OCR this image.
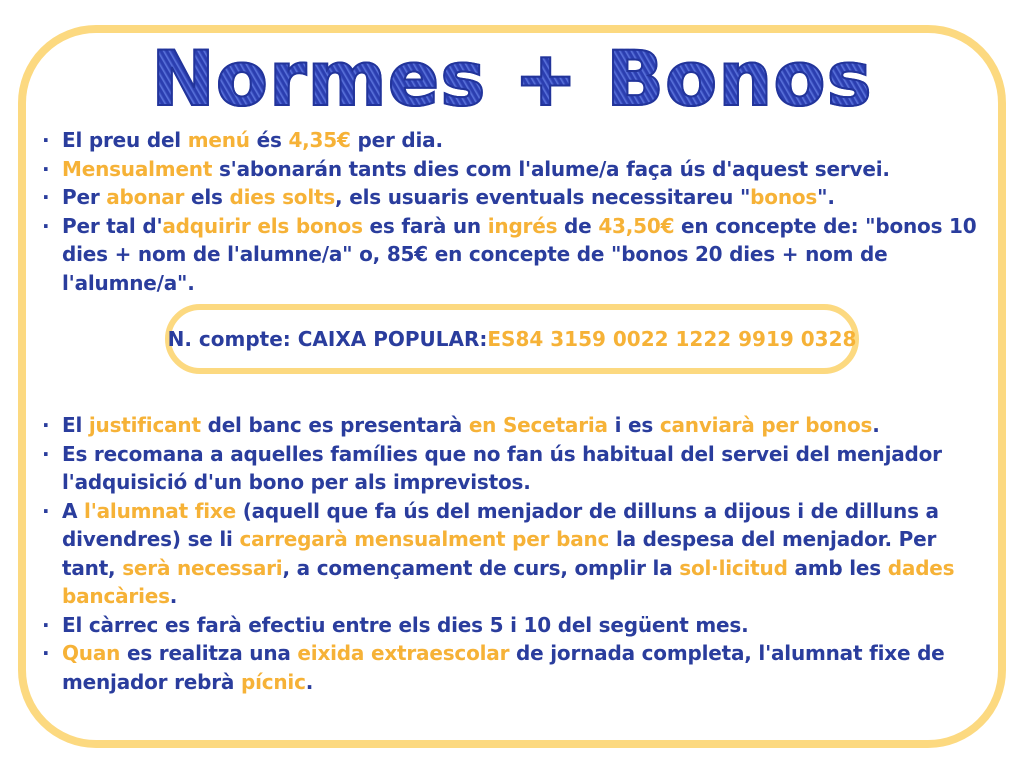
Normes + Bonos
· El preu del menú és 4,35€ per dia.
· Mensualment s'abonarán tants dies com l'alume/a faça ús d'aquest servei.
· Per abonar els dies solts, els usuaris eventuals necessitareu "bonos".
· Per tal d'adquirir els bonos es farà un ingrés de 43,50€ en concepte de: "bonos 10 dies + nom de l'alumne/a" o, 85€ en concepte de "bonos 20 dies + nom de l'alumne/a".
N. compte: CAIXA POPULAR: ES84 3159 0022 1222 9919 0328
· El justificant del banc es presentarà en Secetaria i es canviarà per bonos.
· Es recomana a aquelles famílies que no fan ús habitual del servei del menjador l'adquisició d'un bono per als imprevistos.
· A l'alumnat fixe (aquell que fa ús del menjador de dilluns a dijous i de dilluns a divendres) se li carregarà mensualment per banc la despesa del menjador. Per tant, serà necessari, a començament de curs, omplir la sol·licitud amb les dades bancàries.
· El càrrec es farà efectiu entre els dies 5 i 10 del següent mes.
· Quan es realitza una eixida extraescolar de jornada completa, l'alumnat fixe de menjador rebrà pícnic.
